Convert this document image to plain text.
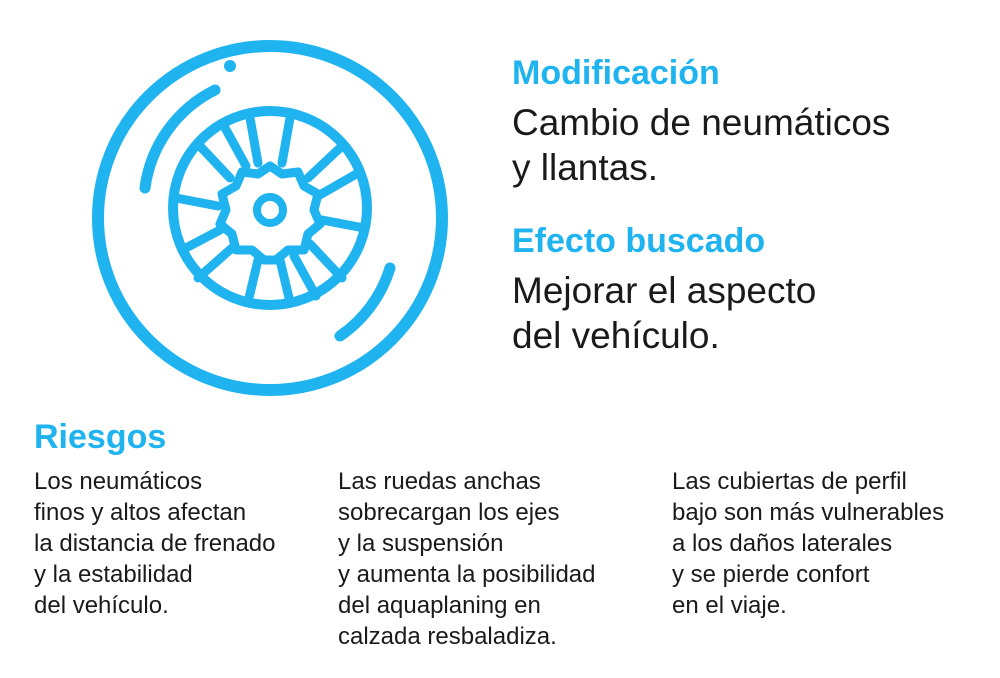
Modificación
Cambio de neumáticos
y llantas.
Efecto buscado
Mejorar el aspecto
del vehículo.
Riesgos
Los neumáticos
finos y altos afectan
la distancia de frenado
y la estabilidad
del vehículo.
Las ruedas anchas
sobrecargan los ejes
y la suspensión
y aumenta la posibilidad
del aquaplaning en
calzada resbaladiza.
Las cubiertas de perfil
bajo son más vulnerables
a los daños laterales
y se pierde confort
en el viaje.
